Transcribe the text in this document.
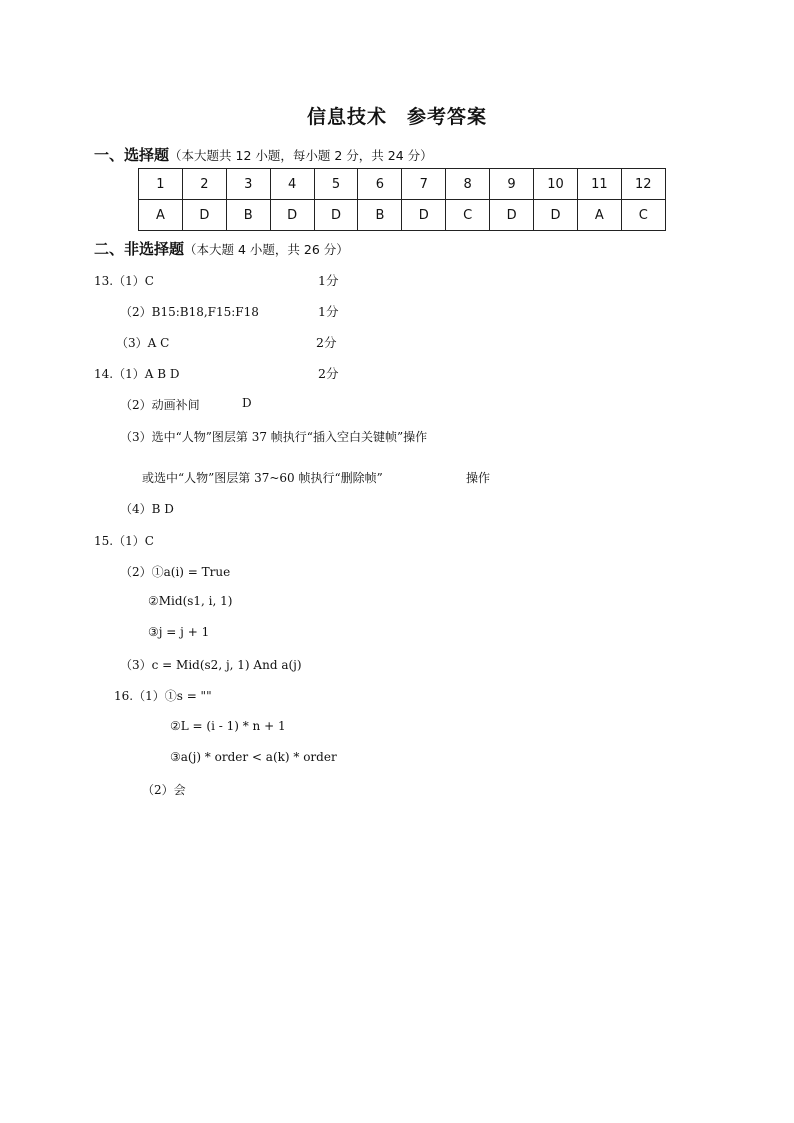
信息技术 参考答案
一、选择题（本大题共 12 小题，每小题 2 分，共 24 分）
1	2	3	4	5	6	7	8	9	10	11	12
A	D	B	D	D	B	D	C	D	D	A	C
二、非选择题（本大题 4 小题，共 26 分）
13.（1）C	1分
（2）B15:B18,F15:F18	1分
（3）A C	2分
14.（1）A B D	2分
（2）动画补间	D
（3）选中“人物”图层第 37 帧执行“插入空白关键帧”操作
或选中“人物”图层第 37~60 帧执行“删除帧”	操作
（4）B D
15.（1）C
（2）①a(i) = True
②Mid(s1, i, 1)
③j = j + 1
（3）c = Mid(s2, j, 1) And a(j)
16.（1）①s = ""
②L = (i - 1) * n + 1
③a(j) * order < a(k) * order
（2）会
